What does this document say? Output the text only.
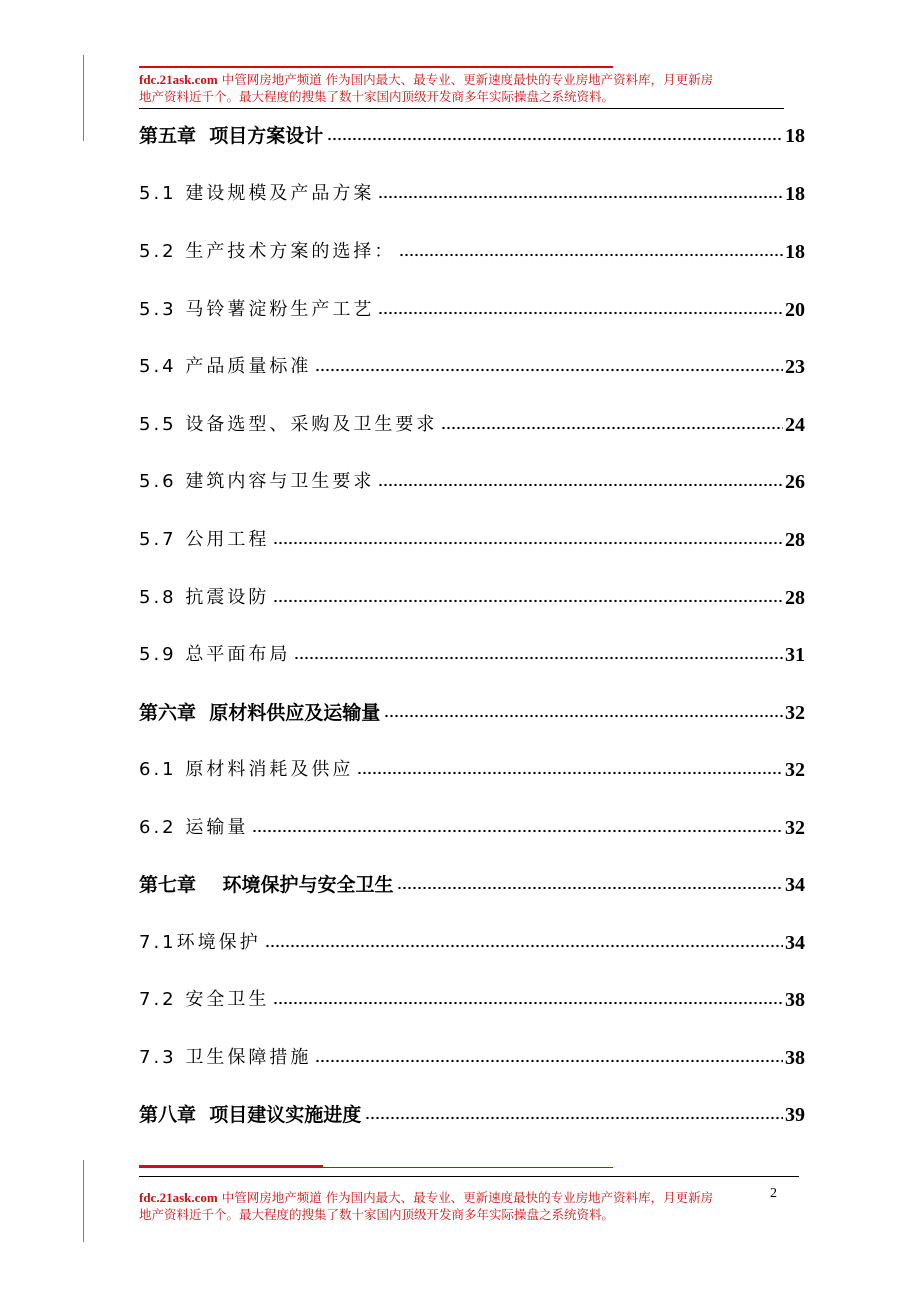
fdc.21ask.com 中管网房地产频道 作为国内最大、最专业、更新速度最快的专业房地产资料库，月更新房
地产资料近千个。最大程度的搜集了数十家国内顶级开发商多年实际操盘之系统资料。
第五章  项目方案设计	18
5.1 建设规模及产品方案	18
5.2 生产技术方案的选择：	18
5.3 马铃薯淀粉生产工艺	20
5.4 产品质量标准	23
5.5 设备选型、采购及卫生要求	24
5.6 建筑内容与卫生要求	26
5.7 公用工程	28
5.8 抗震设防	28
5.9 总平面布局	31
第六章  原材料供应及运输量	32
6.1 原材料消耗及供应	32
6.2 运输量	32
第七章    环境保护与安全卫生	34
7.1环境保护	34
7.2 安全卫生	38
7.3 卫生保障措施	38
第八章  项目建议实施进度	39
fdc.21ask.com 中管网房地产频道 作为国内最大、最专业、更新速度最快的专业房地产资料库，月更新房
地产资料近千个。最大程度的搜集了数十家国内顶级开发商多年实际操盘之系统资料。
2
